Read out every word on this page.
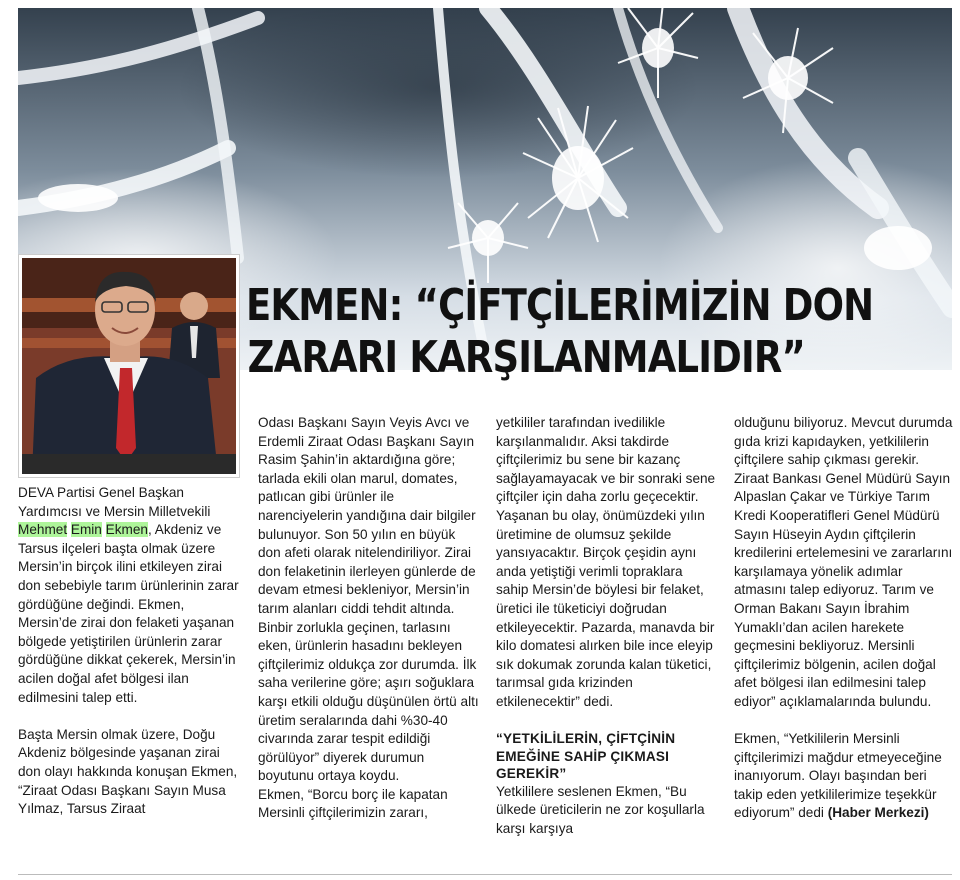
EKMEN: “ÇİFTÇİLERİMİZİN DON
ZARARI KARŞILANMALIDIR”

DEVA Partisi Genel Başkan Yardımcısı ve Mersin Milletvekili Mehmet Emin Ekmen, Akdeniz ve Tarsus ilçeleri başta olmak üzere Mersin’in birçok ilini etkileyen zirai don sebebiyle tarım ürünlerinin zarar gördüğüne değindi. Ekmen, Mersin’de zirai don felaketi yaşanan bölgede yetiştirilen ürünlerin zarar gördüğüne dikkat çekerek, Mersin’in acilen doğal afet bölgesi ilan edilmesini talep etti.

Başta Mersin olmak üzere, Doğu Akdeniz bölgesinde yaşanan zirai don olayı hakkında konuşan Ekmen, “Ziraat Odası Başkanı Sayın Musa Yılmaz, Tarsus Ziraat

Odası Başkanı Sayın Veyis Avcı ve Erdemli Ziraat Odası Başkanı Sayın Rasim Şahin’in aktardığına göre; tarlada ekili olan marul, domates, patlıcan gibi ürünler ile narenciyelerin yandığına dair bilgiler bulunuyor. Son 50 yılın en büyük don afeti olarak nitelendiriliyor. Zirai don felaketinin ilerleyen günlerde de devam etmesi bekleniyor, Mersin’in tarım alanları ciddi tehdit altında. Binbir zorlukla geçinen, tarlasını eken, ürünlerin hasadını bekleyen çiftçilerimiz oldukça zor durumda. İlk saha verilerine göre; aşırı soğuklara karşı etkili olduğu düşünülen örtü altı üretim seralarında dahi %30-40 civarında zarar tespit edildiği görülüyor” diyerek durumun boyutunu ortaya koydu.

Ekmen, “Borcu borç ile kapatan Mersinli çiftçilerimizin zararı,

yetkililer tarafından ivedilikle karşılanmalıdır. Aksi takdirde çiftçilerimiz bu sene bir kazanç sağlayamayacak ve bir sonraki sene çiftçiler için daha zorlu geçecektir. Yaşanan bu olay, önümüzdeki yılın üretimine de olumsuz şekilde yansıyacaktır. Birçok çeşidin aynı anda yetiştiği verimli topraklara sahip Mersin’de böylesi bir felaket, üretici ile tüketiciyi doğrudan etkileyecektir. Pazarda, manavda bir kilo domatesi alırken bile ince eleyip sık dokumak zorunda kalan tüketici, tarımsal gıda krizinden etkilenecektir” dedi.

“YETKİLİLERİN, ÇİFTÇİNİN EMEĞİNE SAHİP ÇIKMASI GEREKİR”

Yetkililere seslenen Ekmen, “Bu ülkede üreticilerin ne zor koşullarla karşı karşıya

olduğunu biliyoruz. Mevcut durumda gıda krizi kapıdayken, yetkililerin çiftçilere sahip çıkması gerekir. Ziraat Bankası Genel Müdürü Sayın Alpaslan Çakar ve Türkiye Tarım Kredi Kooperatifleri Genel Müdürü Sayın Hüseyin Aydın çiftçilerin kredilerini ertelemesini ve zararlarını karşılamaya yönelik adımlar atmasını talep ediyoruz. Tarım ve Orman Bakanı Sayın İbrahim Yumaklı’dan acilen harekete geçmesini bekliyoruz. Mersinli çiftçilerimiz bölgenin, acilen doğal afet bölgesi ilan edilmesini talep ediyor” açıklamalarında bulundu.

Ekmen, “Yetkililerin Mersinli çiftçilerimizi mağdur etmeyeceğine inanıyorum. Olayı başından beri takip eden yetkililerimize teşekkür ediyorum” dedi (Haber Merkezi)
